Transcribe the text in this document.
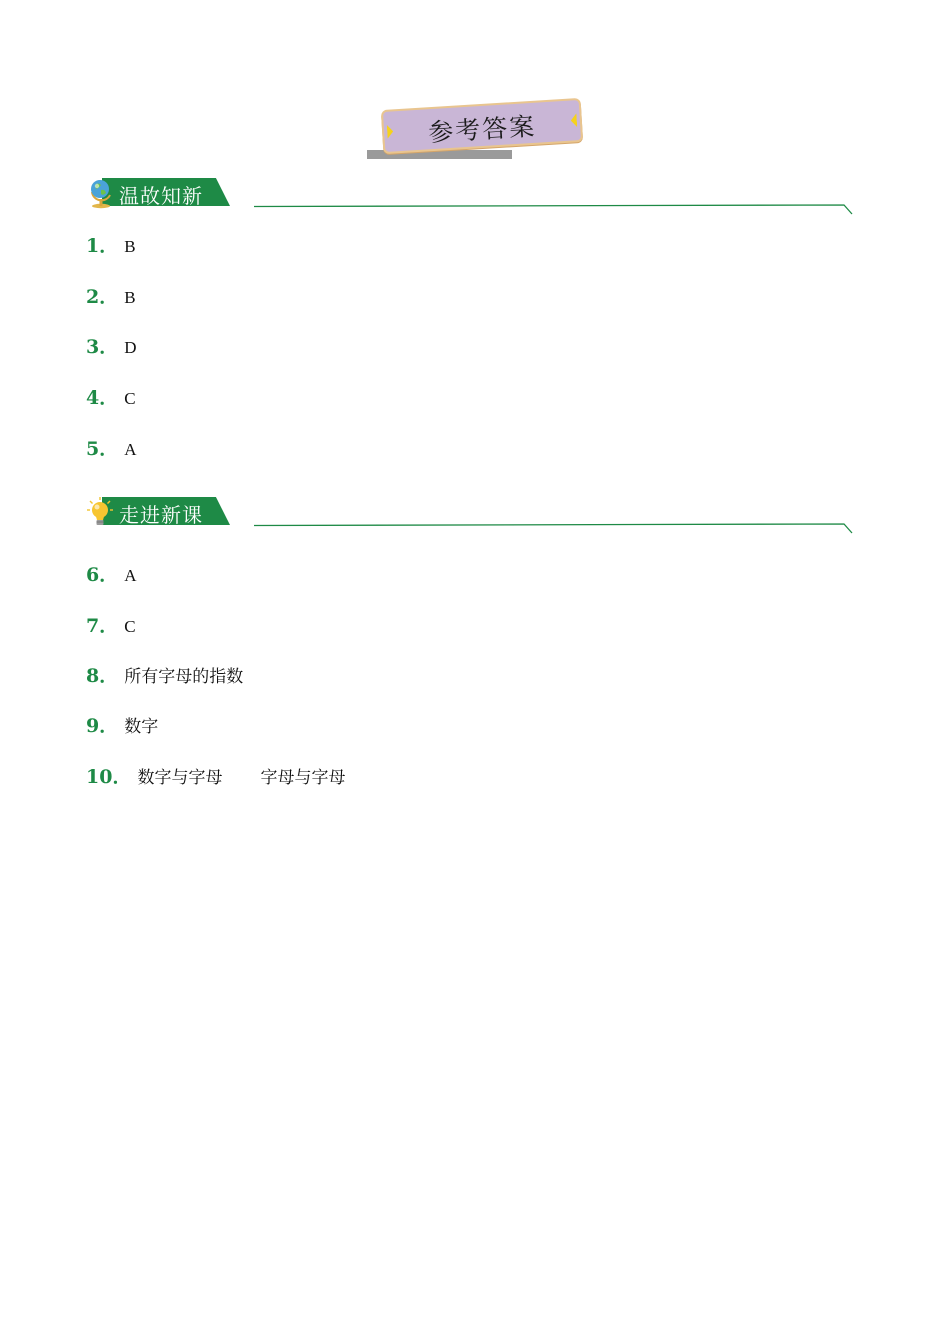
参考答案
温故知新
1． B
2． B
3． D
4． C
5． A
走进新课
6． A
7． C
8． 所有字母的指数
9． 数字
10． 数字与字母 字母与字母
